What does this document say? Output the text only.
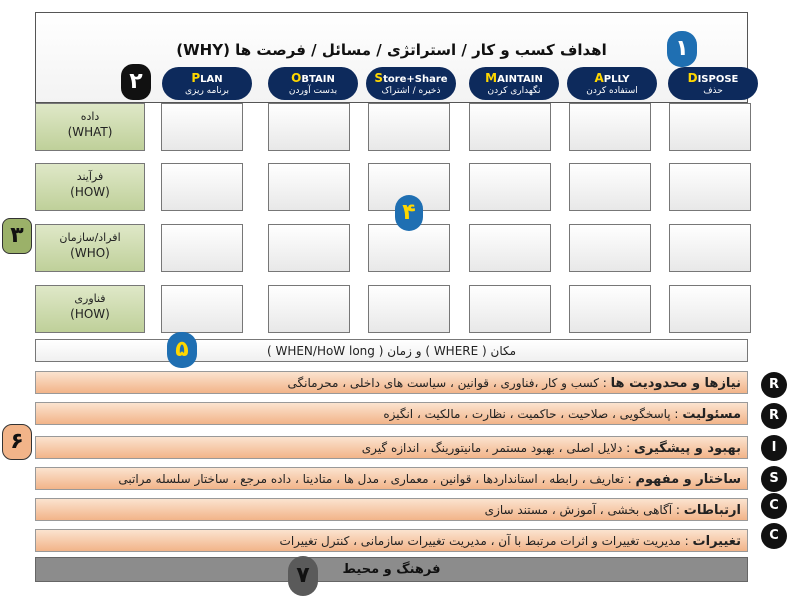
اهداف کسب و کار / استراتژی / مسائل / فرصت ها (WHY)	۱
۲	DISPOSE
حذف
APLLY
استفاده کردن
MAINTAIN
نگهداری کردن
Store+Share
ذخیره / اشتراک
OBTAIN
بدست آوردن
PLAN
برنامه ریزی
داده
(WHAT)
فرآیند
(HOW)
افراد/سازمان
(WHO)
فناوری
(HOW)
۳
۴
مکان ( WHERE ) و زمان ( WHEN/HoW long )
۵
نیازها و محدودیت ها : کسب و کار ،فناوری ، قوانین ، سیاست های داخلی ، محرمانگی
مسئولیت : پاسخگویی ، صلاحیت ، حاکمیت ، نظارت ، مالکیت ، انگیزه
بهبود و پیشگیری : دلایل اصلی ، بهبود مستمر ، مانیتورینگ ، اندازه گیری
ساختار و مفهوم : تعاریف ، رابطه ، استانداردها ، قوانین ، معماری ، مدل ها ، متادیتا ، داده مرجع ، ساختار سلسله مراتبی
ارتباطات : آگاهی بخشی ، آموزش ، مستند سازی
تغییرات : مدیریت تغییرات و اثرات مرتبط با آن ، مدیریت تغییرات سازمانی ، کنترل تغییرات
۶
فرهنگ و محیط
۷
R
R
I
S
C
C
